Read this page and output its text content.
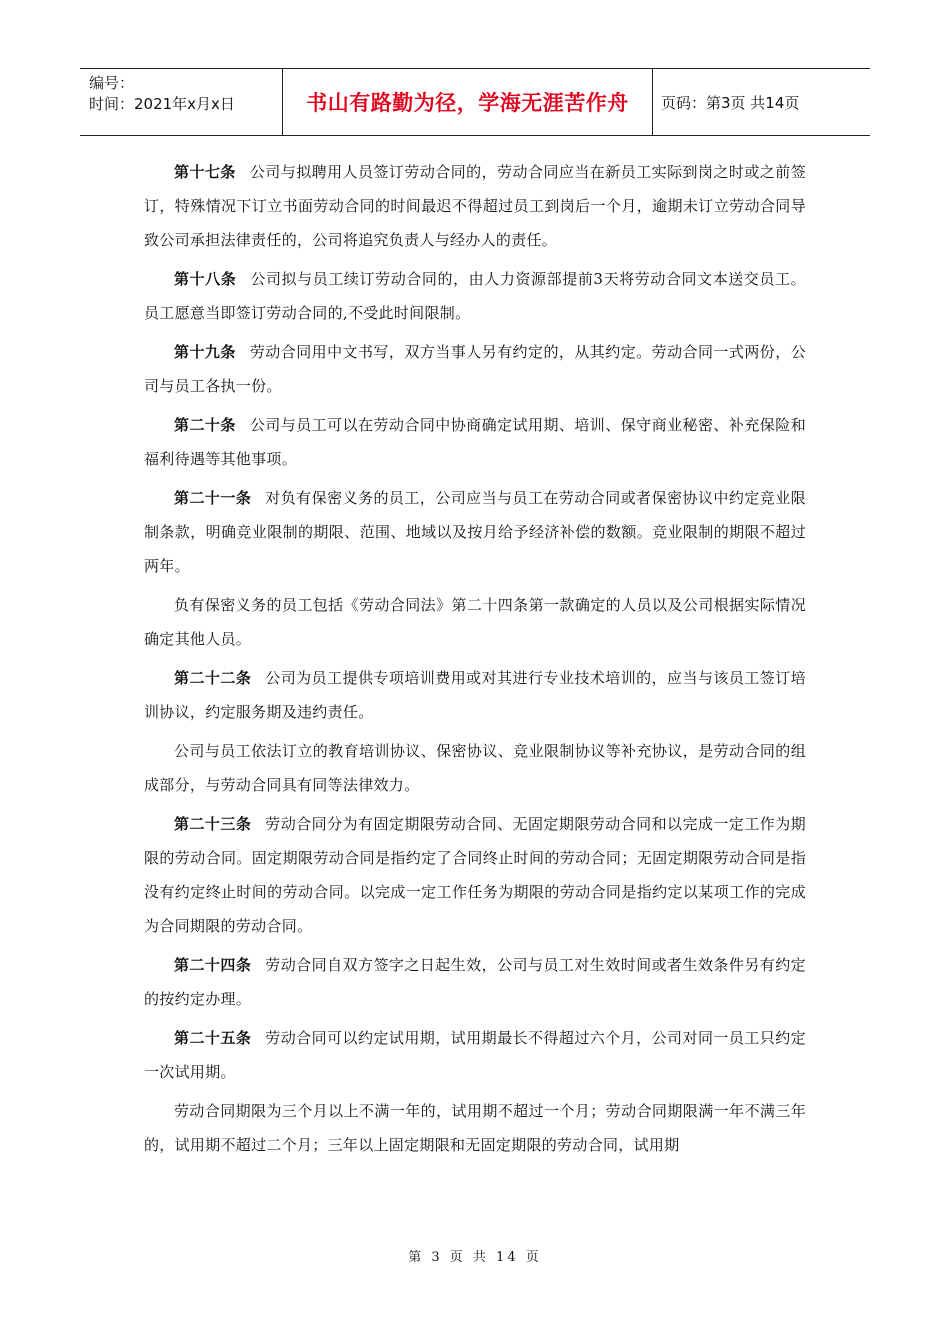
编号：
时间：2021年x月x日	书山有路勤为径，学海无涯苦作舟	页码：第3页 共14页

第十七条 公司与拟聘用人员签订劳动合同的，劳动合同应当在新员工实际到岗之时或之前签订，特殊情况下订立书面劳动合同的时间最迟不得超过员工到岗后一个月，逾期未订立劳动合同导致公司承担法律责任的，公司将追究负责人与经办人的责任。

第十八条 公司拟与员工续订劳动合同的，由人力资源部提前3天将劳动合同文本送交员工。员工愿意当即签订劳动合同的,不受此时间限制。

第十九条 劳动合同用中文书写，双方当事人另有约定的，从其约定。劳动合同一式两份，公司与员工各执一份。

第二十条 公司与员工可以在劳动合同中协商确定试用期、培训、保守商业秘密、补充保险和福利待遇等其他事项。

第二十一条 对负有保密义务的员工，公司应当与员工在劳动合同或者保密协议中约定竞业限制条款，明确竞业限制的期限、范围、地域以及按月给予经济补偿的数额。竞业限制的期限不超过两年。

负有保密义务的员工包括《劳动合同法》第二十四条第一款确定的人员以及公司根据实际情况确定其他人员。

第二十二条 公司为员工提供专项培训费用或对其进行专业技术培训的，应当与该员工签订培训协议，约定服务期及违约责任。

公司与员工依法订立的教育培训协议、保密协议、竞业限制协议等补充协议，是劳动合同的组成部分，与劳动合同具有同等法律效力。

第二十三条 劳动合同分为有固定期限劳动合同、无固定期限劳动合同和以完成一定工作为期限的劳动合同。固定期限劳动合同是指约定了合同终止时间的劳动合同；无固定期限劳动合同是指没有约定终止时间的劳动合同。以完成一定工作任务为期限的劳动合同是指约定以某项工作的完成为合同期限的劳动合同。

第二十四条 劳动合同自双方签字之日起生效，公司与员工对生效时间或者生效条件另有约定的按约定办理。

第二十五条 劳动合同可以约定试用期，试用期最长不得超过六个月，公司对同一员工只约定一次试用期。

劳动合同期限为三个月以上不满一年的，试用期不超过一个月；劳动合同期限满一年不满三年的，试用期不超过二个月；三年以上固定期限和无固定期限的劳动合同，试用期

第 3 页 共 14 页
